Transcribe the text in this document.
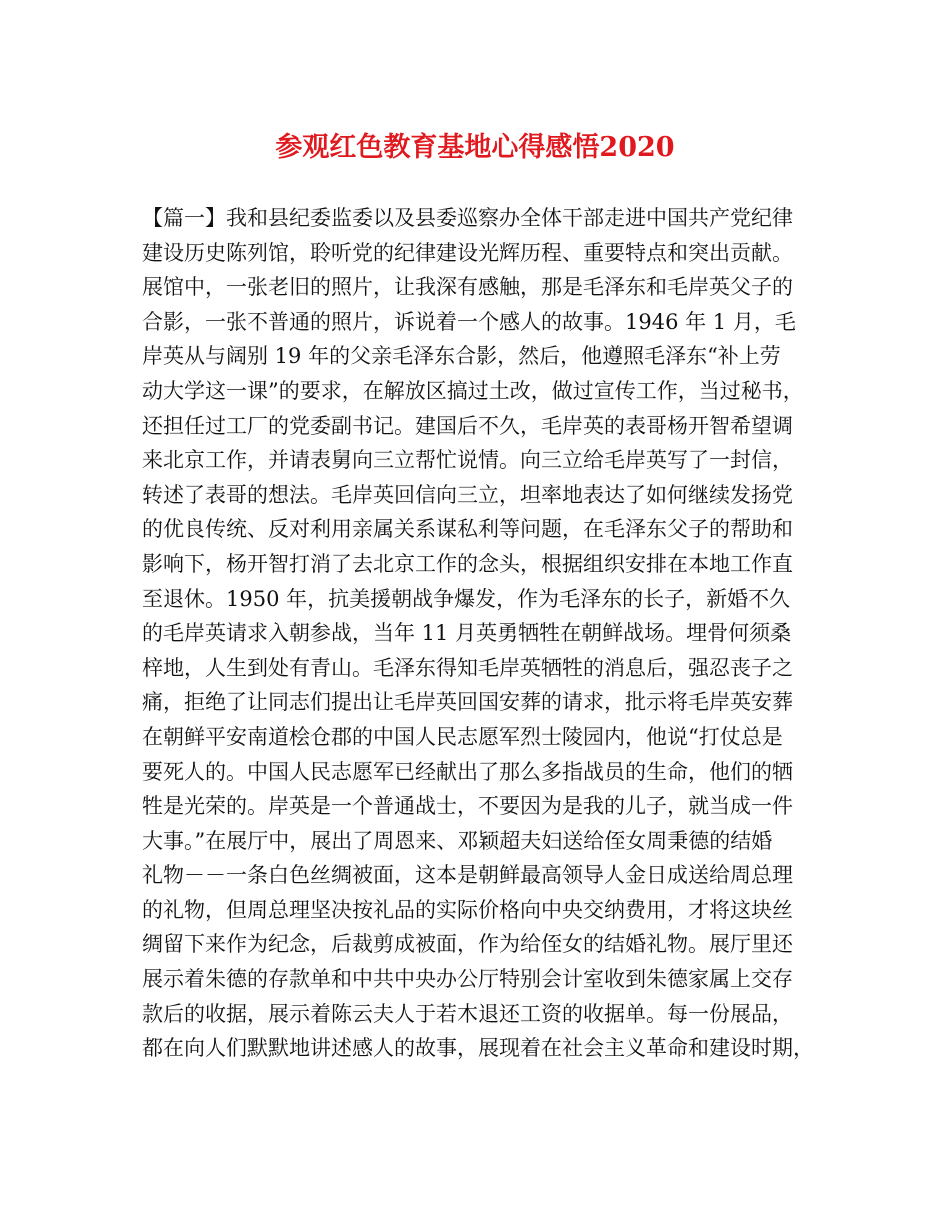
参观红色教育基地心得感悟2020
【篇一】我和县纪委监委以及县委巡察办全体干部走进中国共产党纪律
建设历史陈列馆，聆听党的纪律建设光辉历程、重要特点和突出贡献。
展馆中，一张老旧的照片，让我深有感触，那是毛泽东和毛岸英父子的
合影，一张不普通的照片，诉说着一个感人的故事。1946 年 1 月，毛
岸英从与阔别 19 年的父亲毛泽东合影，然后，他遵照毛泽东“补上劳
动大学这一课”的要求，在解放区搞过土改，做过宣传工作，当过秘书，
还担任过工厂的党委副书记。建国后不久，毛岸英的表哥杨开智希望调
来北京工作，并请表舅向三立帮忙说情。向三立给毛岸英写了一封信，
转述了表哥的想法。毛岸英回信向三立，坦率地表达了如何继续发扬党
的优良传统、反对利用亲属关系谋私利等问题，在毛泽东父子的帮助和
影响下，杨开智打消了去北京工作的念头，根据组织安排在本地工作直
至退休。1950 年，抗美援朝战争爆发，作为毛泽东的长子，新婚不久
的毛岸英请求入朝参战，当年 11 月英勇牺牲在朝鲜战场。埋骨何须桑
梓地，人生到处有青山。毛泽东得知毛岸英牺牲的消息后，强忍丧子之
痛，拒绝了让同志们提出让毛岸英回国安葬的请求，批示将毛岸英安葬
在朝鲜平安南道桧仓郡的中国人民志愿军烈士陵园内，他说“打仗总是
要死人的。中国人民志愿军已经献出了那么多指战员的生命，他们的牺
牲是光荣的。岸英是一个普通战士，不要因为是我的儿子，就当成一件
大事。”在展厅中，展出了周恩来、邓颖超夫妇送给侄女周秉德的结婚
礼物－－一条白色丝绸被面，这本是朝鲜最高领导人金日成送给周总理
的礼物，但周总理坚决按礼品的实际价格向中央交纳费用，才将这块丝
绸留下来作为纪念，后裁剪成被面，作为给侄女的结婚礼物。展厅里还
展示着朱德的存款单和中共中央办公厅特别会计室收到朱德家属上交存
款后的收据，展示着陈云夫人于若木退还工资的收据单。每一份展品，
都在向人们默默地讲述感人的故事，展现着在社会主义革命和建设时期，
